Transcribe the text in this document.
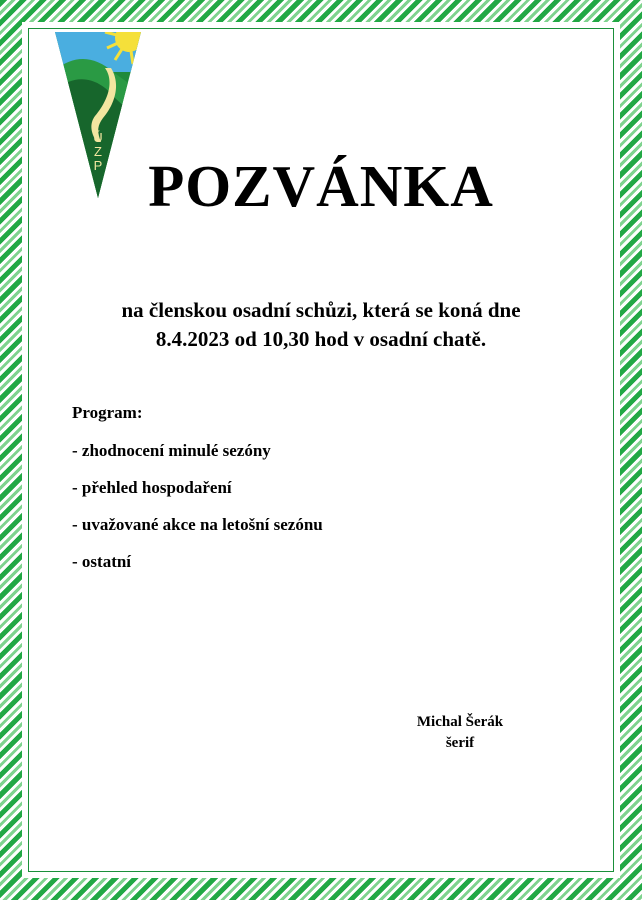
Ú
Z
P POZVÁNKA
na členskou osadní schůzi, která se koná dne
8.4.2023 od 10,30 hod v osadní chatě.
Program:
- zhodnocení minulé sezóny
- přehled hospodaření
- uvažované akce na letošní sezónu
- ostatní
Michal Šerák
šerif
